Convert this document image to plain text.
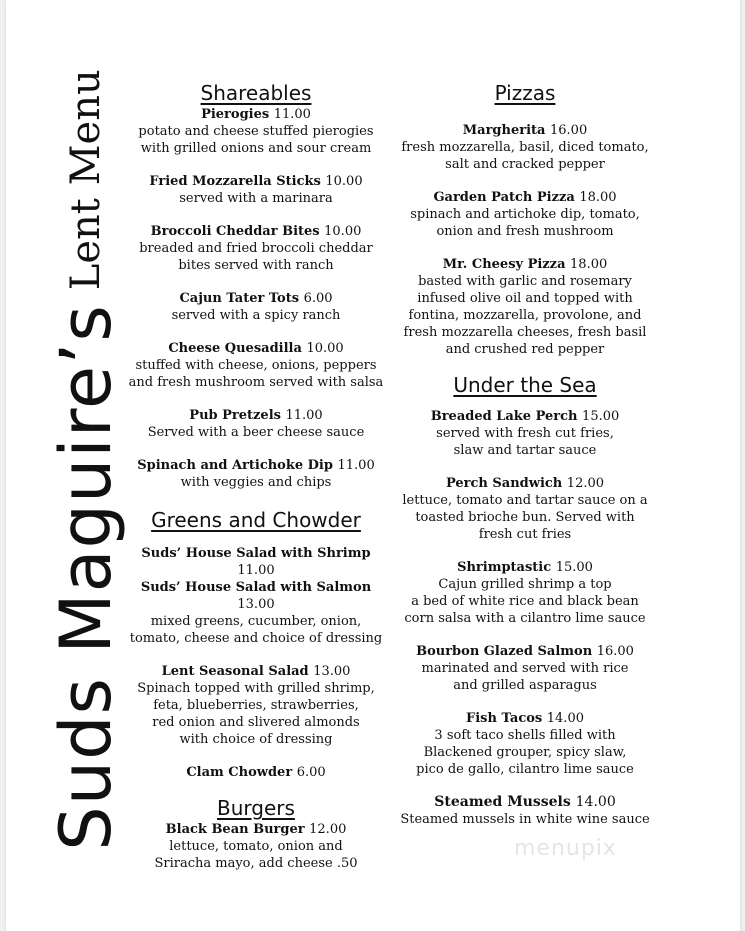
Suds Maguire’s
Lent Menu	Shareables
Pierogies 11.00
potato and cheese stuffed pierogies
with grilled onions and sour cream
Fried Mozzarella Sticks 10.00
served with a marinara
Broccoli Cheddar Bites 10.00
breaded and fried broccoli cheddar
bites served with ranch
Cajun Tater Tots 6.00
served with a spicy ranch
Cheese Quesadilla 10.00
stuffed with cheese, onions, peppers
and fresh mushroom served with salsa
Pub Pretzels 11.00
Served with a beer cheese sauce
Spinach and Artichoke Dip 11.00
with veggies and chips
Greens and Chowder
Suds’ House Salad with Shrimp 11.00
Suds’ House Salad with Salmon 13.00
mixed greens, cucumber, onion,
tomato, cheese and choice of dressing
Lent Seasonal Salad 13.00
Spinach topped with grilled shrimp,
feta, blueberries, strawberries,
red onion and slivered almonds
with choice of dressing
Clam Chowder 6.00
Burgers
Black Bean Burger 12.00
lettuce, tomato, onion and
Sriracha mayo, add cheese .50
Pizzas
Margherita 16.00
fresh mozzarella, basil, diced tomato,
salt and cracked pepper
Garden Patch Pizza 18.00
spinach and artichoke dip, tomato,
onion and fresh mushroom
Mr. Cheesy Pizza 18.00
basted with garlic and rosemary
infused olive oil and topped with
fontina, mozzarella, provolone, and
fresh mozzarella cheeses, fresh basil
and crushed red pepper
Under the Sea
Breaded Lake Perch 15.00
served with fresh cut fries,
slaw and tartar sauce
Perch Sandwich 12.00
lettuce, tomato and tartar sauce on a
toasted brioche bun. Served with
fresh cut fries
Shrimptastic 15.00
Cajun grilled shrimp a top
a bed of white rice and black bean
corn salsa with a cilantro lime sauce
Bourbon Glazed Salmon 16.00
marinated and served with rice
and grilled asparagus
Fish Tacos 14.00
3 soft taco shells filled with
Blackened grouper, spicy slaw,
pico de gallo, cilantro lime sauce
Steamed Mussels 14.00
Steamed mussels in white wine sauce
menupix
